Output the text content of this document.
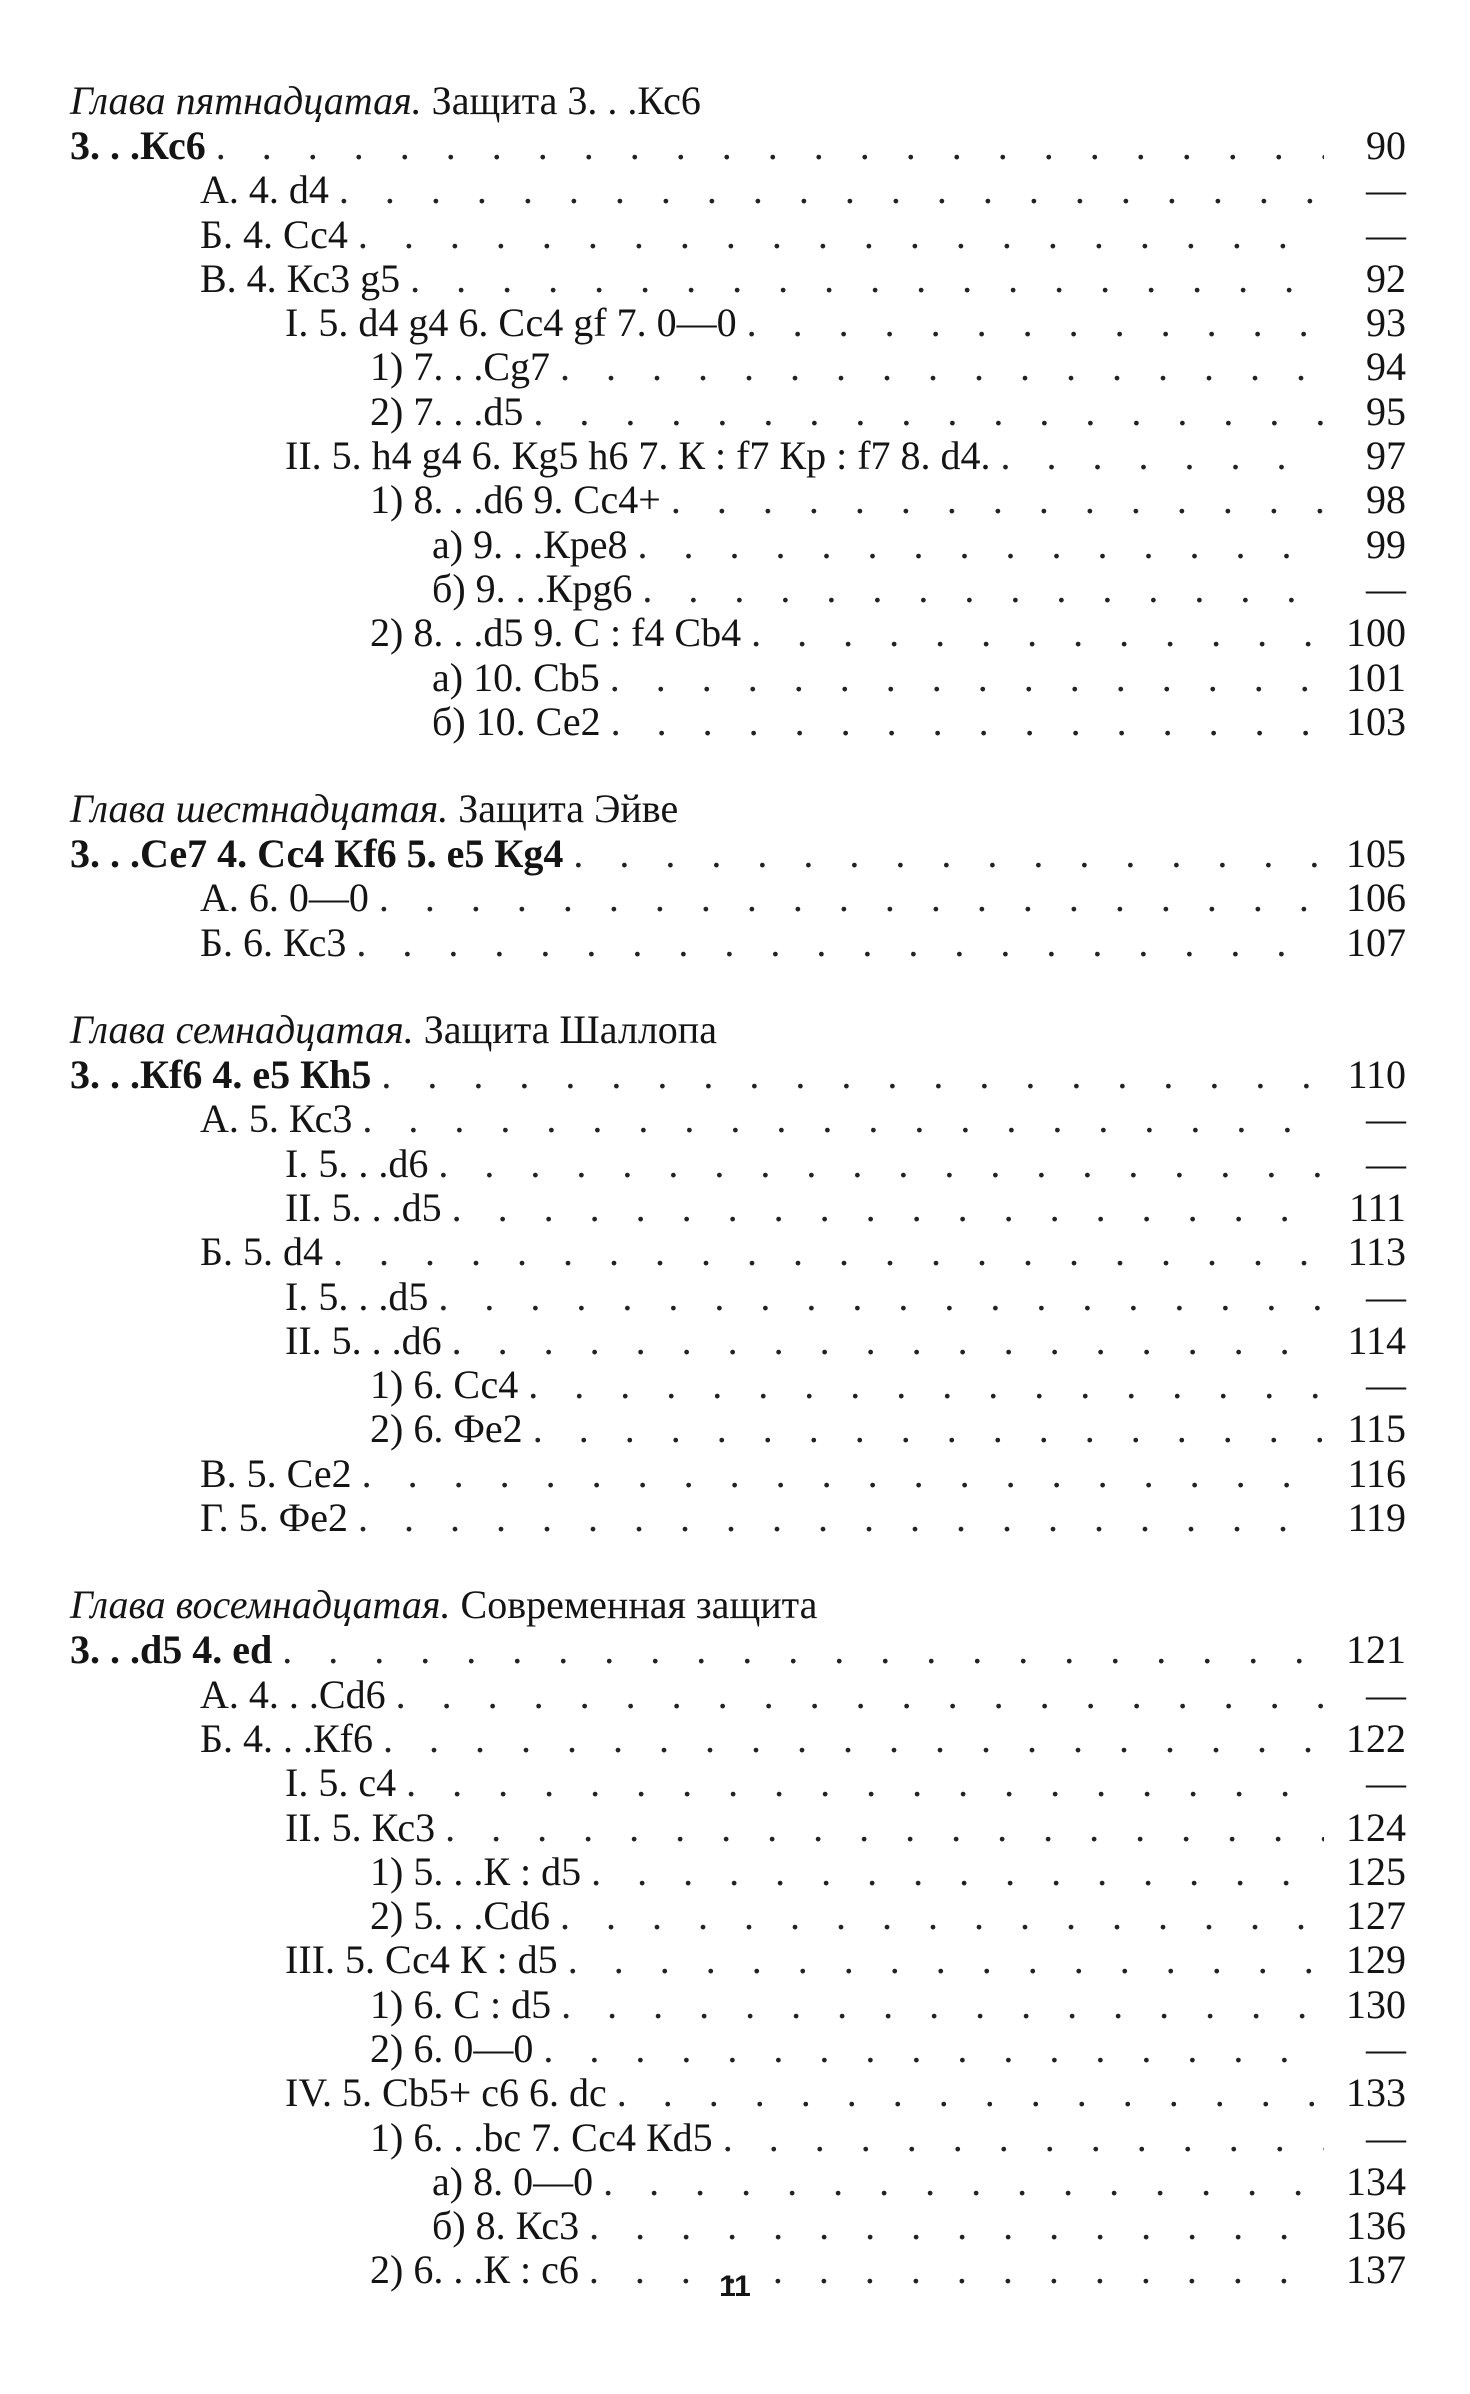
Глава пятнадцатая. Защита 3. . .Кс6
3. . .Кс6 . . .	90
А. 4. d4 . . .	—
Б. 4. Сс4 . . .	—
В. 4. Кс3 g5 . . .	92
I. 5. d4 g4 6. Сс4 gf 7. 0—0 . . .	93
1) 7. . .Сg7 . . .	94
2) 7. . .d5 . . .	95
II. 5. h4 g4 6. Кg5 h6 7. К : f7 Кр : f7 8. d4. . . .	97
1) 8. . .d6 9. Сс4+ . . .	98
а) 9. . .Кре8 . . .	99
б) 9. . .Кpg6 . . .	—
2) 8. . .d5 9. С : f4 Сb4 . . .	100
а) 10. Сb5 . . .	101
б) 10. Се2 . . .	103
Глава шестнадцатая. Защита Эйве
3. . .Се7 4. Сс4 Кf6 5. e5 Кg4 . . .	105
А. 6. 0—0 . . .	106
Б. 6. Кс3 . . .	107
Глава семнадцатая. Защита Шаллопа
3. . .Кf6 4. e5 Кh5 . . .	110
А. 5. Кс3 . . .	—
I. 5. . .d6 . . .	—
II. 5. . .d5 . . .	111
Б. 5. d4 . . .	113
I. 5. . .d5 . . .	—
II. 5. . .d6 . . .	114
1) 6. Сс4 . . .	—
2) 6. Фе2 . . .	115
В. 5. Се2 . . .	116
Г. 5. Фе2 . . .	119
Глава восемнадцатая. Современная защита
3. . .d5 4. ed . . .	121
А. 4. . .Сd6 . . .	—
Б. 4. . .Кf6 . . .	122
I. 5. c4 . . .	—
II. 5. Кс3 . . .	124
1) 5. . .К : d5 . . .	125
2) 5. . .Сd6 . . .	127
III. 5. Сс4 К : d5 . . .	129
1) 6. С : d5 . . .	130
2) 6. 0—0 . . .	—
IV. 5. Сb5+ c6 6. dc . . .	133
1) 6. . .bc 7. Сс4 Кd5 . . .	—
а) 8. 0—0 . . .	134
б) 8. Кс3 . . .	136
2) 6. . .К : с6 . . .	137
11
